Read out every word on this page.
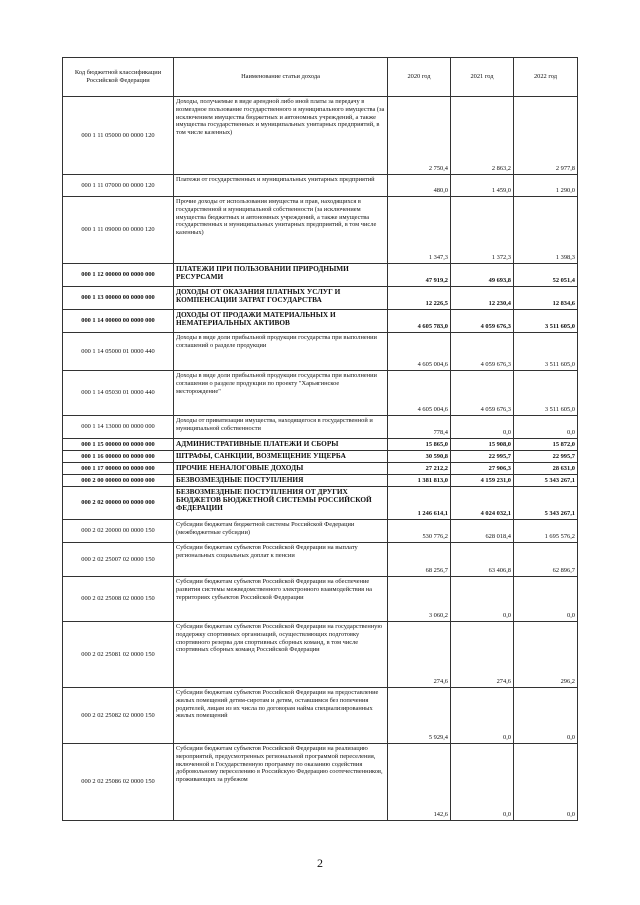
Код бюджетной классификации Российской Федерации	Наименование статьи дохода	2020 год	2021 год	2022 год
000 1 11 05000 00 0000 120	Доходы, получаемые в виде арендной либо иной платы за передачу в возмездное пользование государственного и муниципального имущества (за исключением имущества бюджетных и автономных учреждений, а также имущества государственных и муниципальных унитарных предприятий, в том числе казенных)	2 750,4	2 863,2	2 977,8
000 1 11 07000 00 0000 120	Платежи от государственных и муниципальных унитарных предприятий	480,0	1 459,0	1 290,0
000 1 11 09000 00 0000 120	Прочие доходы от использования имущества и прав, находящихся в государственной и муниципальной собственности (за исключением имущества бюджетных и автономных учреждений, а также имущества государственных и муниципальных унитарных предприятий, в том числе казенных)	1 347,3	1 372,3	1 398,3
000 1 12 00000 00 0000 000	ПЛАТЕЖИ ПРИ ПОЛЬЗОВАНИИ ПРИРОДНЫМИ РЕСУРСАМИ	47 919,2	49 693,8	52 051,4
000 1 13 00000 00 0000 000	ДОХОДЫ ОТ ОКАЗАНИЯ ПЛАТНЫХ УСЛУГ И КОМПЕНСАЦИИ ЗАТРАТ ГОСУДАРСТВА	12 226,5	12 230,4	12 834,6
000 1 14 00000 00 0000 000	ДОХОДЫ ОТ ПРОДАЖИ МАТЕРИАЛЬНЫХ И НЕМАТЕРИАЛЬНЫХ АКТИВОВ	4 605 783,0	4 059 676,3	3 511 605,0
000 1 14 05000 01 0000 440	Доходы в виде доли прибыльной продукции государства при выполнении соглашений о разделе продукции	4 605 004,6	4 059 676,3	3 511 605,0
000 1 14 05030 01 0000 440	Доходы в виде доли прибыльной продукции государства при выполнении соглашения о разделе продукции по проекту "Харьягинское месторождение"	4 605 004,6	4 059 676,3	3 511 605,0
000 1 14 13000 00 0000 000	Доходы от приватизации имущества, находящегося в государственной и муниципальной собственности	778,4	0,0	0,0
000 1 15 00000 00 0000 000	АДМИНИСТРАТИВНЫЕ ПЛАТЕЖИ И СБОРЫ	15 865,0	15 908,0	15 872,0
000 1 16 00000 00 0000 000	ШТРАФЫ, САНКЦИИ, ВОЗМЕЩЕНИЕ УЩЕРБА	30 590,8	22 995,7	22 995,7
000 1 17 00000 00 0000 000	ПРОЧИЕ НЕНАЛОГОВЫЕ ДОХОДЫ	27 212,2	27 906,3	28 631,0
000 2 00 00000 00 0000 000	БЕЗВОЗМЕЗДНЫЕ ПОСТУПЛЕНИЯ	1 381 813,0	4 159 231,0	5 343 267,1
000 2 02 00000 00 0000 000	БЕЗВОЗМЕЗДНЫЕ ПОСТУПЛЕНИЯ ОТ ДРУГИХ БЮДЖЕТОВ БЮДЖЕТНОЙ СИСТЕМЫ РОССИЙСКОЙ ФЕДЕРАЦИИ	1 246 614,1	4 024 032,1	5 343 267,1
000 2 02 20000 00 0000 150	Субсидии бюджетам бюджетной системы Российской Федерации (межбюджетные субсидии)	530 776,2	628 018,4	1 695 576,2
000 2 02 25007 02 0000 150	Субсидии бюджетам субъектов Российской Федерации на выплату региональных социальных доплат к пенсии	68 256,7	63 406,8	62 896,7
000 2 02 25008 02 0000 150	Субсидии бюджетам субъектов Российской Федерации на обеспечение развития системы межведомственного электронного взаимодействия на территориях субъектов Российской Федерации	3 060,2	0,0	0,0
000 2 02 25081 02 0000 150	Субсидии бюджетам субъектов Российской Федерации на государственную поддержку спортивных организаций, осуществляющих подготовку спортивного резерва для спортивных сборных команд, в том числе спортивных сборных команд Российской Федерации	274,6	274,6	296,2
000 2 02 25082 02 0000 150	Субсидии бюджетам субъектов Российской Федерации на предоставление жилых помещений детям-сиротам и детям, оставшимся без попечения родителей, лицам из их числа по договорам найма специализированных жилых помещений	5 929,4	0,0	0,0
000 2 02 25086 02 0000 150	Субсидии бюджетам субъектов Российской Федерации на реализацию мероприятий, предусмотренных региональной программой переселения, включенной в Государственную программу по оказанию содействия добровольному переселению в Российскую Федерацию соотечественников, проживающих за рубежом	142,6	0,0	0,0
2
